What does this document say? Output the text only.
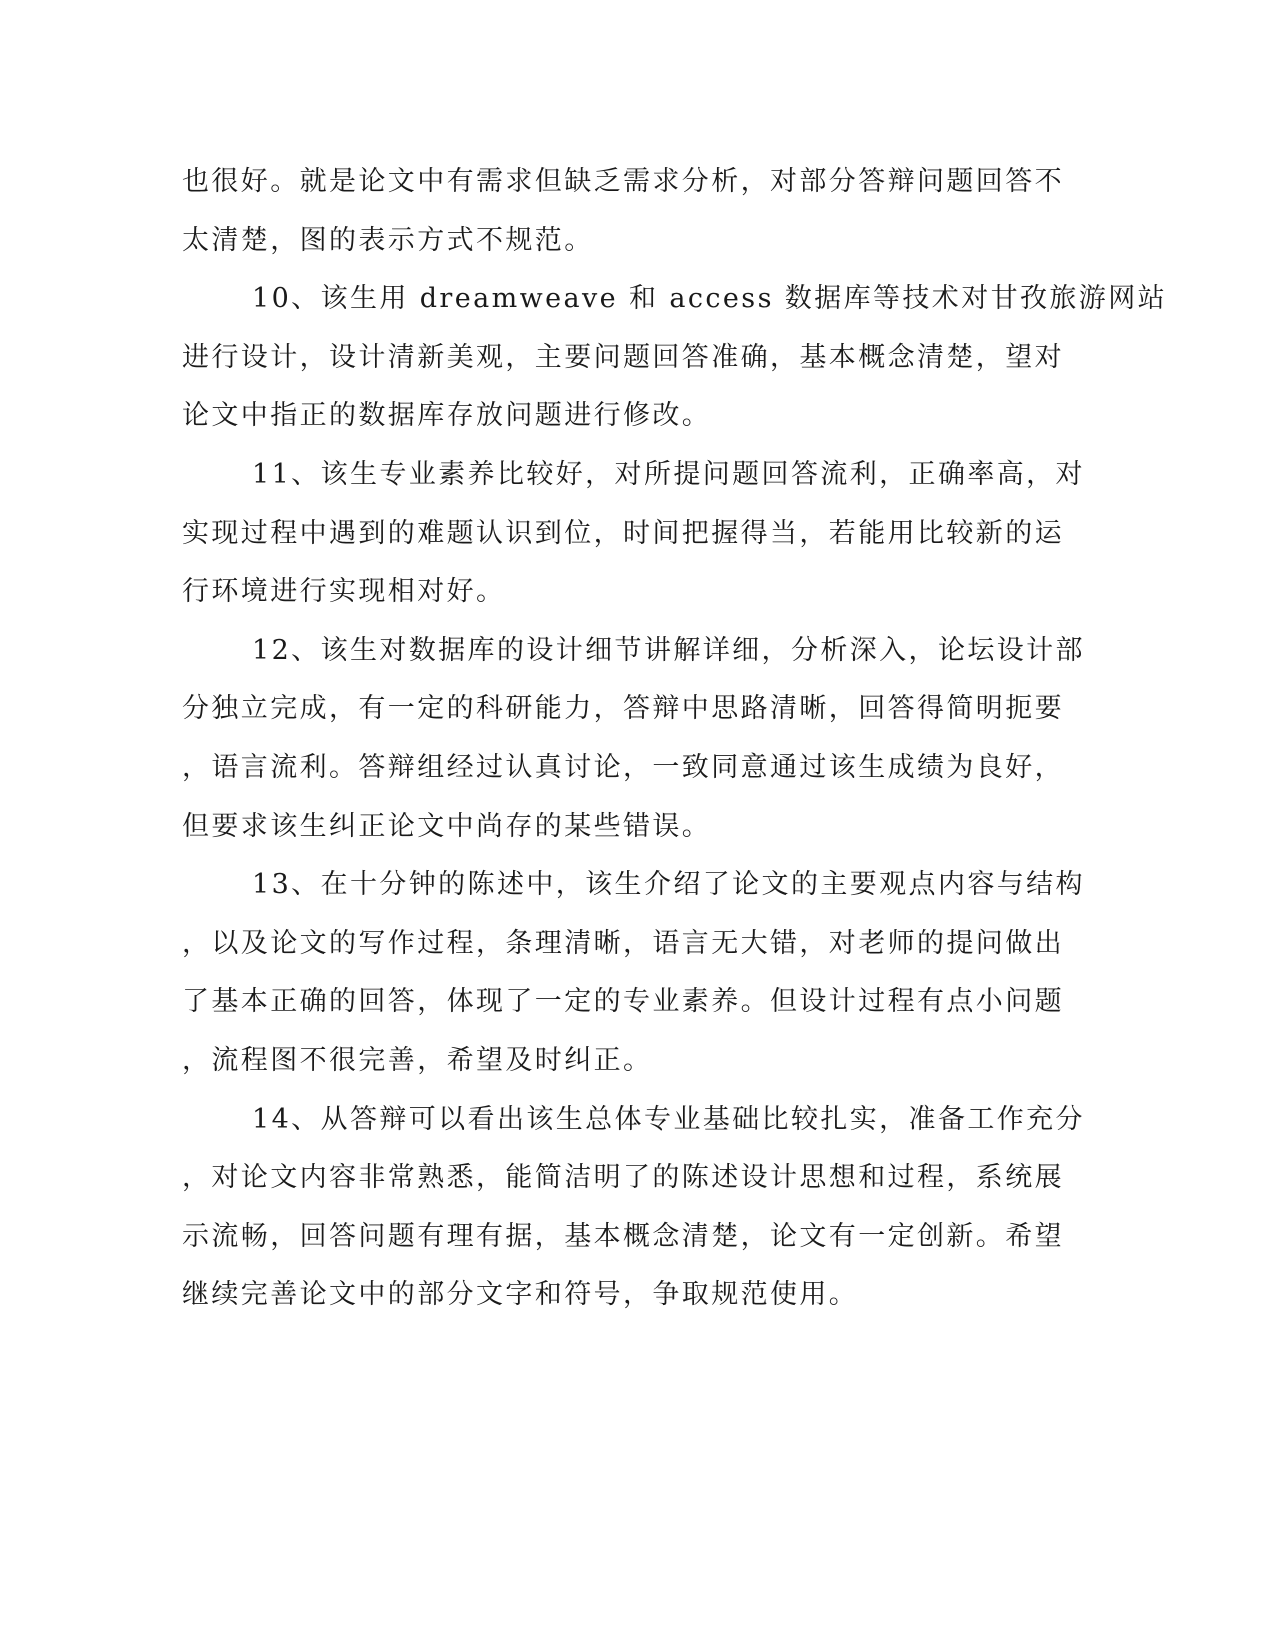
也很好。就是论文中有需求但缺乏需求分析，对部分答辩问题回答不
太清楚，图的表示方式不规范。
10、该生用 dreamweave 和 access 数据库等技术对甘孜旅游网站
进行设计，设计清新美观，主要问题回答准确，基本概念清楚，望对
论文中指正的数据库存放问题进行修改。
11、该生专业素养比较好，对所提问题回答流利，正确率高，对
实现过程中遇到的难题认识到位，时间把握得当，若能用比较新的运
行环境进行实现相对好。
12、该生对数据库的设计细节讲解详细，分析深入，论坛设计部
分独立完成，有一定的科研能力，答辩中思路清晰，回答得简明扼要
，语言流利。答辩组经过认真讨论，一致同意通过该生成绩为良好，
但要求该生纠正论文中尚存的某些错误。
13、在十分钟的陈述中，该生介绍了论文的主要观点内容与结构
，以及论文的写作过程，条理清晰，语言无大错，对老师的提问做出
了基本正确的回答，体现了一定的专业素养。但设计过程有点小问题
，流程图不很完善，希望及时纠正。
14、从答辩可以看出该生总体专业基础比较扎实，准备工作充分
，对论文内容非常熟悉，能简洁明了的陈述设计思想和过程，系统展
示流畅，回答问题有理有据，基本概念清楚，论文有一定创新。希望
继续完善论文中的部分文字和符号，争取规范使用。
